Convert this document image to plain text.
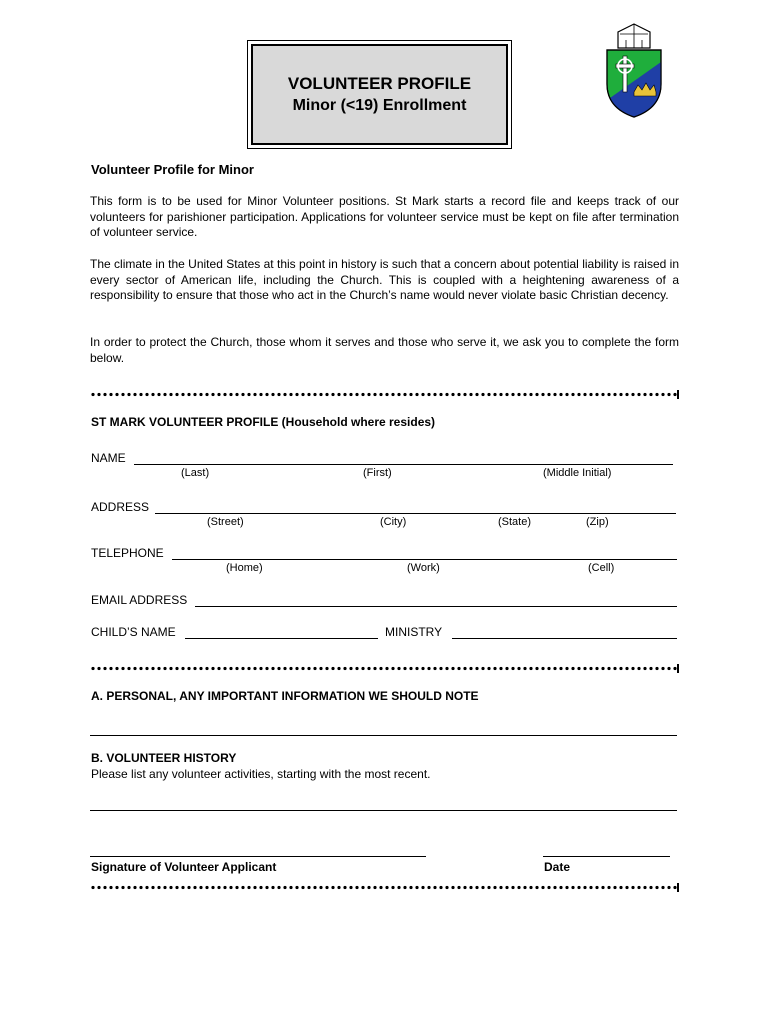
VOLUNTEER PROFILE
Minor (<19) Enrollment
Volunteer Profile for Minor
This form is to be used for Minor Volunteer positions. St Mark starts a record file and keeps track of our volunteers for parishioner participation. Applications for volunteer service must be kept on file after termination of volunteer service.
The climate in the United States at this point in history is such that a concern about potential liability is raised in every sector of American life, including the Church. This is coupled with a heightening awareness of a responsibility to ensure that those who act in the Church’s name would never violate basic Christian decency.
In order to protect the Church, those whom it serves and those who serve it, we ask you to complete the form below.
ST MARK VOLUNTEER PROFILE (Household where resides)
NAME
(Last)	(First)	(Middle Initial)
ADDRESS
(Street)	(City)	(State)	(Zip)
TELEPHONE
(Home)	(Work)	(Cell)
EMAIL ADDRESS
CHILD’S NAME	MINISTRY
A. PERSONAL, ANY IMPORTANT INFORMATION WE SHOULD NOTE
B. VOLUNTEER HISTORY
Please list any volunteer activities, starting with the most recent.
Signature of Volunteer Applicant	Date
